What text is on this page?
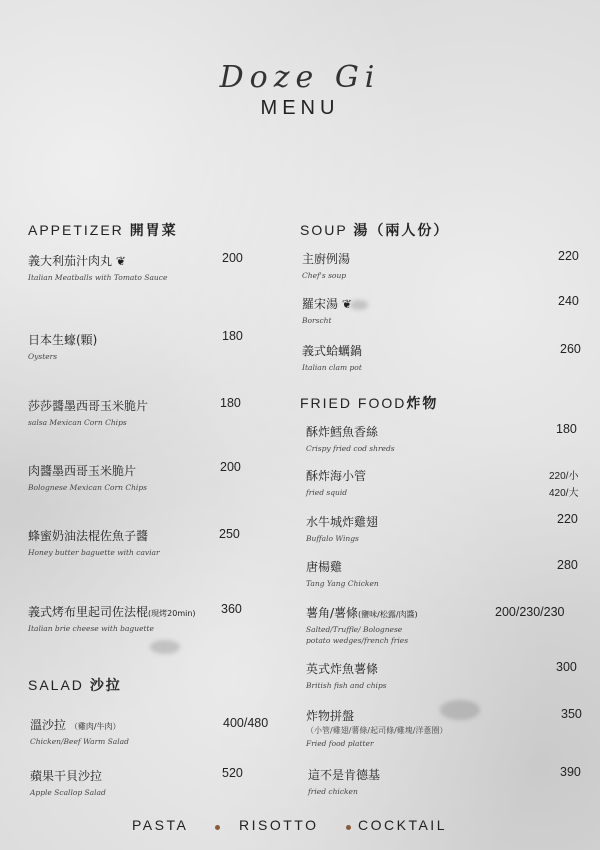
Doze Gi
MENU
APPETIZER 開胃菜
義大利茄汁肉丸 ❦
Italian Meatballs with Tomato Sauce
200
日本生蠔(顆)
Oysters
180
莎莎醬墨西哥玉米脆片
salsa Mexican Corn Chips
180
肉醬墨西哥玉米脆片
Bolognese Mexican Corn Chips
200
蜂蜜奶油法棍佐魚子醬
Honey butter baguette with caviar
250
義式烤布里起司佐法棍(現烤20min)
Italian brie cheese with baguette
360
SALAD 沙拉
溫沙拉 （雞肉/牛肉）
Chicken/Beef Warm Salad
400/480
蘋果干貝沙拉
Apple Scallop Salad
520
SOUP 湯（兩人份）
主廚例湯
Chef's soup
220
羅宋湯 ❦
Borscht
240
義式蛤蠣鍋
Italian clam pot
260
FRIED FOOD炸物
酥炸鱈魚香絲
Crispy fried cod shreds
180
酥炸海小管
fried squid
220/小
420/大
水牛城炸雞翅
Buffalo Wings
220
唐楊雞
Tang Yang Chicken
280
薯角/薯條(鹽味/松露/肉醬)
Salted/Truffle/ Bolognese
potato wedges/french fries
200/230/230
英式炸魚薯條
British fish and chips
300
炸物拼盤
（小管/雞翅/薯條/起司條/雞塊/洋蔥圈）
Fried food platter
350
這不是肯德基
fried chicken
390
PASTA	RISOTTO	COCKTAIL
